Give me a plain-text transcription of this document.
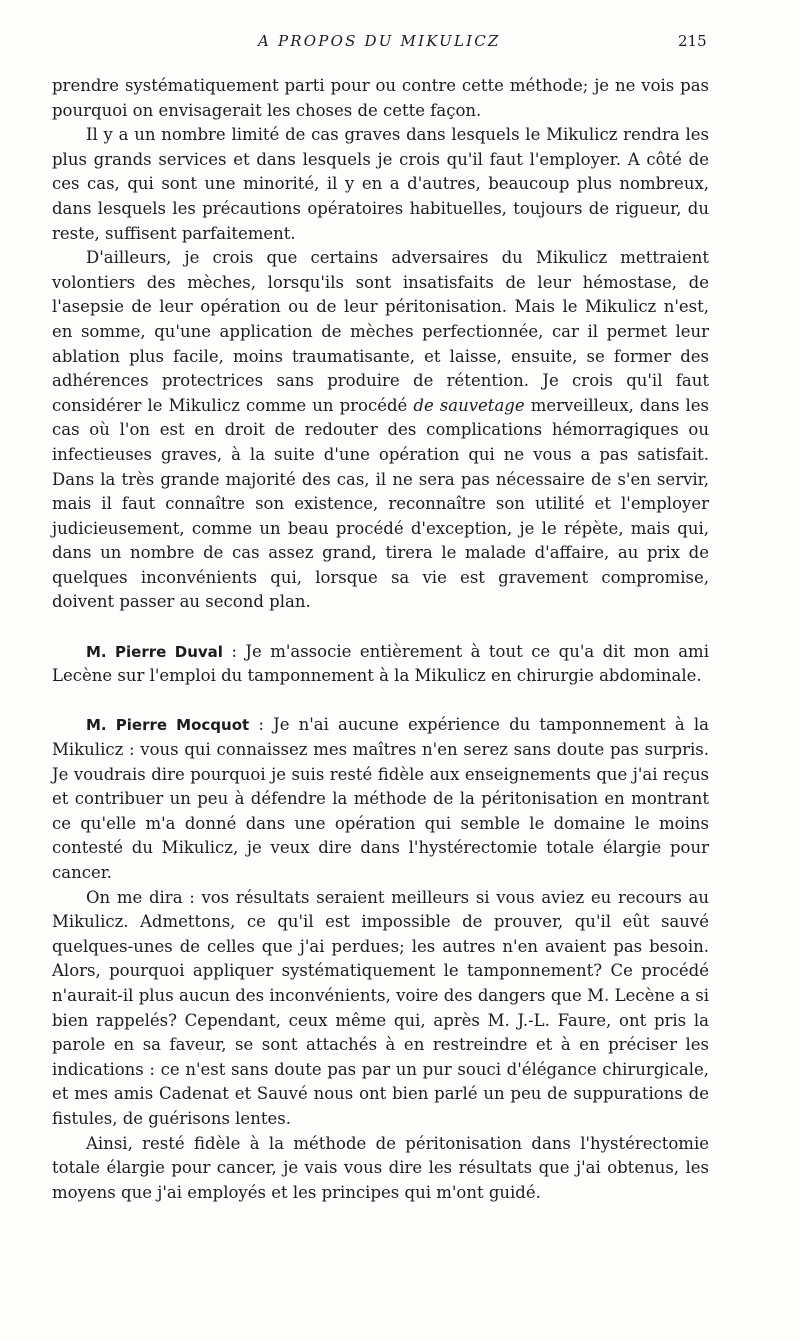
A PROPOS DU MIKULICZ	215

prendre systématiquement parti pour ou contre cette méthode; je ne vois pas pourquoi on envisagerait les choses de cette façon.

Il y a un nombre limité de cas graves dans lesquels le Mikulicz rendra les plus grands services et dans lesquels je crois qu'il faut l'employer. A côté de ces cas, qui sont une minorité, il y en a d'autres, beaucoup plus nombreux, dans lesquels les précautions opératoires habituelles, toujours de rigueur, du reste, suffisent parfaitement.

D'ailleurs, je crois que certains adversaires du Mikulicz mettraient volontiers des mèches, lorsqu'ils sont insatisfaits de leur hémostase, de l'asepsie de leur opération ou de leur péritonisation. Mais le Mikulicz n'est, en somme, qu'une application de mèches perfectionnée, car il permet leur ablation plus facile, moins traumatisante, et laisse, ensuite, se former des adhérences protectrices sans produire de rétention. Je crois qu'il faut considérer le Mikulicz comme un procédé de sauvetage merveilleux, dans les cas où l'on est en droit de redouter des complications hémorragiques ou infectieuses graves, à la suite d'une opération qui ne vous a pas satisfait. Dans la très grande majorité des cas, il ne sera pas nécessaire de s'en servir, mais il faut connaître son existence, reconnaître son utilité et l'employer judicieusement, comme un beau procédé d'exception, je le répète, mais qui, dans un nombre de cas assez grand, tirera le malade d'affaire, au prix de quelques inconvénients qui, lorsque sa vie est gravement compromise, doivent passer au second plan.

M. Pierre Duval : Je m'associe entièrement à tout ce qu'a dit mon ami Lecène sur l'emploi du tamponnement à la Mikulicz en chirurgie abdominale.

M. Pierre Mocquot : Je n'ai aucune expérience du tamponnement à la Mikulicz : vous qui connaissez mes maîtres n'en serez sans doute pas surpris. Je voudrais dire pourquoi je suis resté fidèle aux enseignements que j'ai reçus et contribuer un peu à défendre la méthode de la péritonisation en montrant ce qu'elle m'a donné dans une opération qui semble le domaine le moins contesté du Mikulicz, je veux dire dans l'hystérectomie totale élargie pour cancer.

On me dira : vos résultats seraient meilleurs si vous aviez eu recours au Mikulicz. Admettons, ce qu'il est impossible de prouver, qu'il eût sauvé quelques-unes de celles que j'ai perdues; les autres n'en avaient pas besoin. Alors, pourquoi appliquer systématiquement le tamponnement? Ce procédé n'aurait-il plus aucun des inconvénients, voire des dangers que M. Lecène a si bien rappelés? Cependant, ceux même qui, après M. J.-L. Faure, ont pris la parole en sa faveur, se sont attachés à en restreindre et à en préciser les indications : ce n'est sans doute pas par un pur souci d'élégance chirurgicale, et mes amis Cadenat et Sauvé nous ont bien parlé un peu de suppurations de fistules, de guérisons lentes.

Ainsi, resté fidèle à la méthode de péritonisation dans l'hystérectomie totale élargie pour cancer, je vais vous dire les résultats que j'ai obtenus, les moyens que j'ai employés et les principes qui m'ont guidé.
